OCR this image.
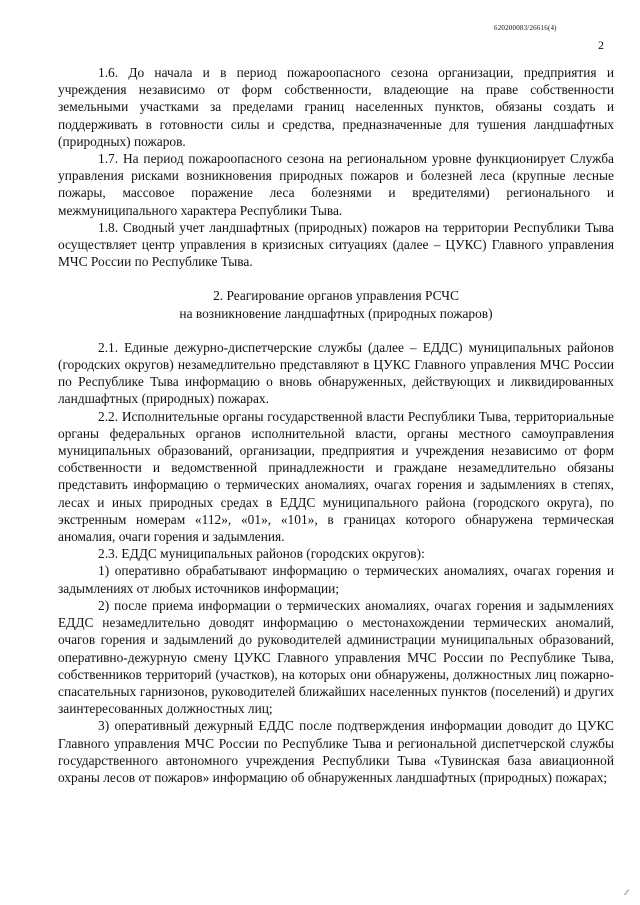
620200083/26616(4)
2

1.6. До начала и в период пожароопасного сезона организации, предприятия и учреждения независимо от форм собственности, владеющие на праве собственности земельными участками за пределами границ населенных пунктов, обязаны создать и поддерживать в готовности силы и средства, предназначенные для тушения ландшафтных (природных) пожаров.

1.7. На период пожароопасного сезона на региональном уровне функционирует Служба управления рисками возникновения природных пожаров и болезней леса (крупные лесные пожары, массовое поражение леса болезнями и вредителями) регионального и межмуниципального характера Республики Тыва.

1.8. Сводный учет ландшафтных (природных) пожаров на территории Республики Тыва осуществляет центр управления в кризисных ситуациях (далее – ЦУКС) Главного управления МЧС России по Республике Тыва.

2. Реагирование органов управления РСЧС
на возникновение ландшафтных (природных пожаров)

2.1. Единые дежурно-диспетчерские службы (далее – ЕДДС) муниципальных районов (городских округов) незамедлительно представляют в ЦУКС Главного управления МЧС России по Республике Тыва информацию о вновь обнаруженных, действующих и ликвидированных ландшафтных (природных) пожарах.

2.2. Исполнительные органы государственной власти Республики Тыва, территориальные органы федеральных органов исполнительной власти, органы местного самоуправления муниципальных образований, организации, предприятия и учреждения независимо от форм собственности и ведомственной принадлежности и граждане незамедлительно обязаны представить информацию о термических аномалиях, очагах горения и задымлениях в степях, лесах и иных природных средах в ЕДДС муниципального района (городского округа), по экстренным номерам «112», «01», «101», в границах которого обнаружена термическая аномалия, очаги горения и задымления.

2.3. ЕДДС муниципальных районов (городских округов):

1) оперативно обрабатывают информацию о термических аномалиях, очагах горения и задымлениях от любых источников информации;

2) после приема информации о термических аномалиях, очагах горения и задымлениях ЕДДС незамедлительно доводят информацию о местонахождении термических аномалий, очагов горения и задымлений до руководителей администрации муниципальных образований, оперативно-дежурную смену ЦУКС Главного управления МЧС России по Республике Тыва, собственников территорий (участков), на которых они обнаружены, должностных лиц пожарно-спасательных гарнизонов, руководителей ближайших населенных пунктов (поселений) и других заинтересованных должностных лиц;

3) оперативный дежурный ЕДДС после подтверждения информации доводит до ЦУКС Главного управления МЧС России по Республике Тыва и региональной диспетчерской службы государственного автономного учреждения Республики Тыва «Тувинская база авиационной охраны лесов от пожаров» информацию об обнаруженных ландшафтных (природных) пожарах;

⁄⁄
